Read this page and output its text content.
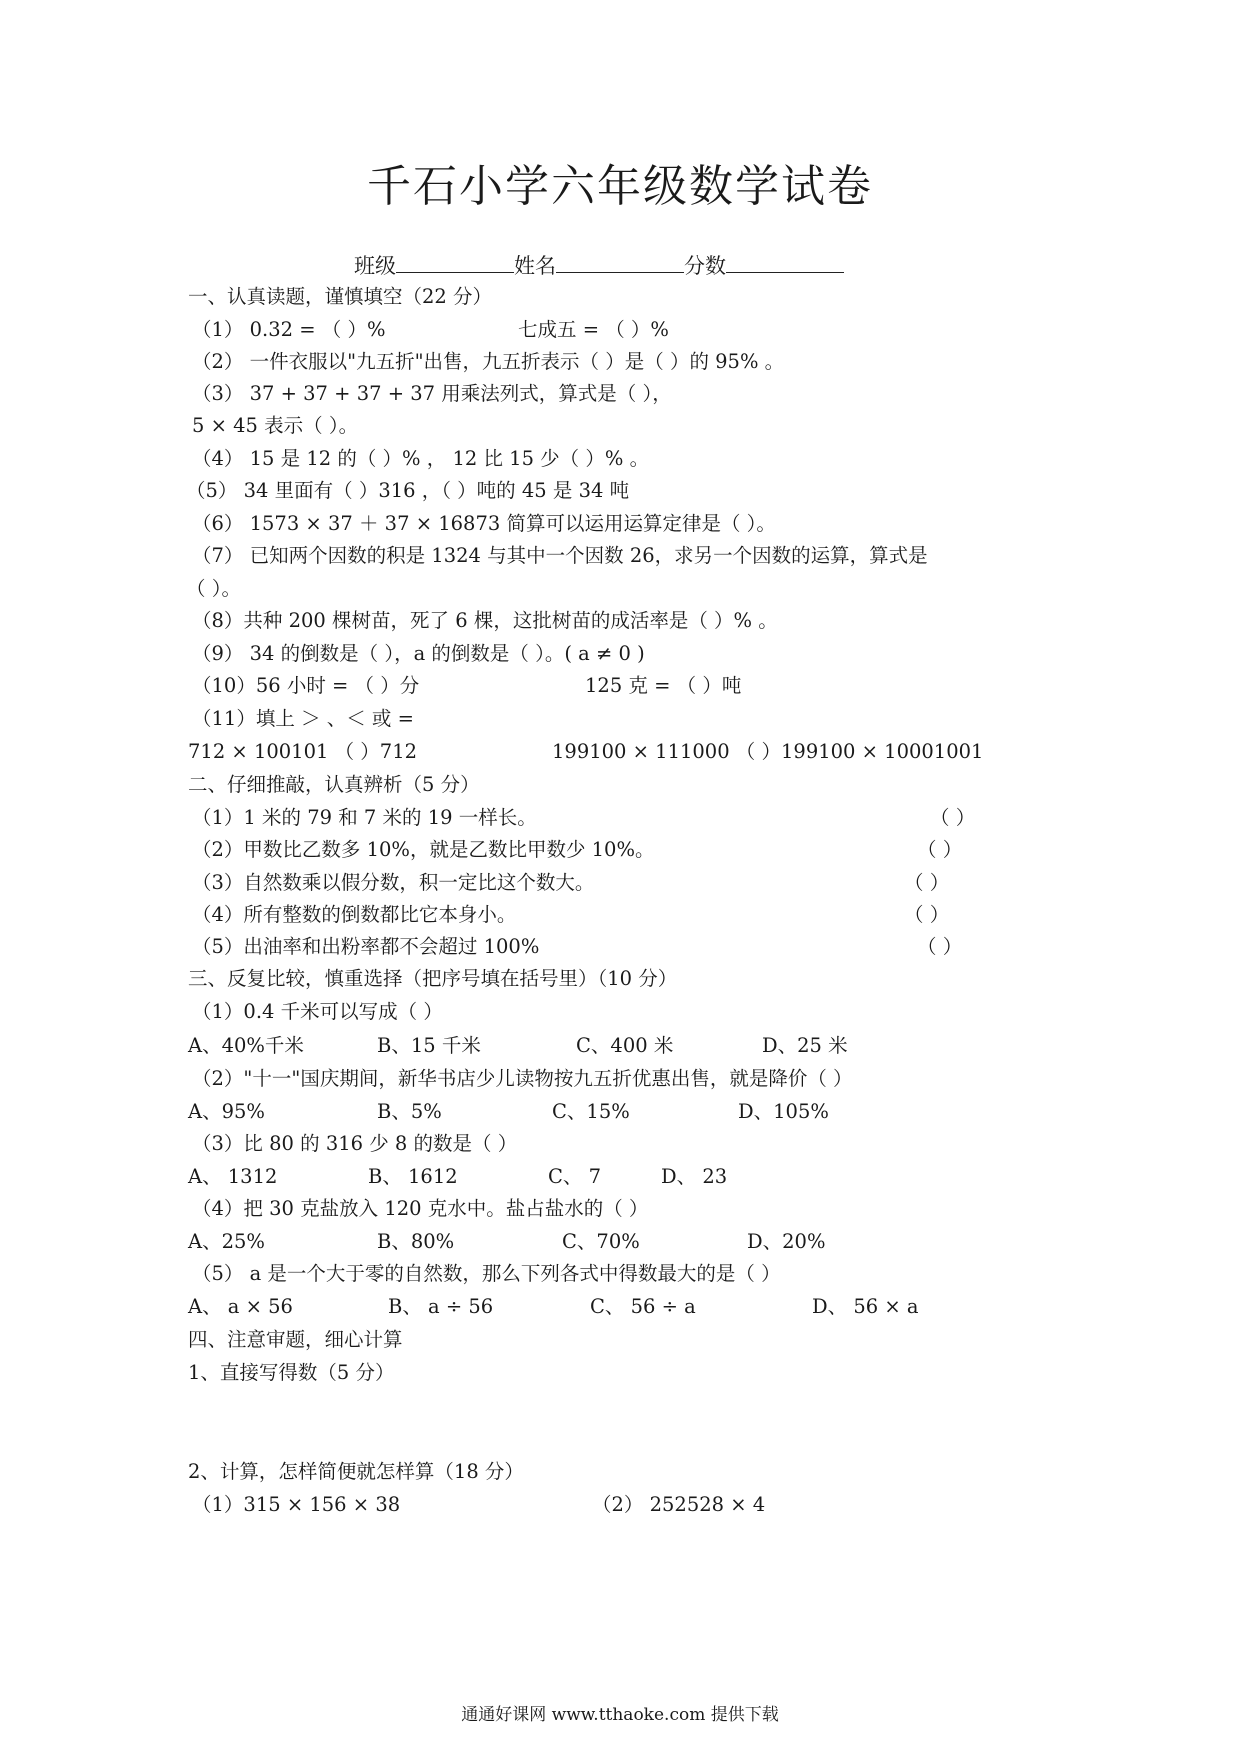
千石小学六年级数学试卷
班级	姓名	分数
一、认真读题，谨慎填空（22 分）
（1） 0.32 = （ ）%	七成五 = （ ）%
（2） 一件衣服以"九五折"出售，九五折表示（ ）是（ ）的 95% 。
（3） 37 + 37 + 37 + 37 用乘法列式，算式是（ ），
5 × 45 表示（ ）。
（4） 15 是 12 的（ ）% ， 12 比 15 少（ ）% 。
（5） 34 里面有（ ）316 ，（ ）吨的 45 是 34 吨
（6） 1573 × 37 ＋ 37 × 16873 简算可以运用运算定律是（ ）。
（7） 已知两个因数的积是 1324 与其中一个因数 26，求另一个因数的运算，算式是
（ ）。
（8）共种 200 棵树苗，死了 6 棵，这批树苗的成活率是（ ）% 。
（9） 34 的倒数是（ ），a 的倒数是（ ）。( a ≠ 0 )
（10）56 小时 = （ ）分	125 克 = （ ）吨
（11）填上 ＞ 、＜ 或 =
712 × 100101 （ ）712	199100 × 111000 （ ）199100 × 10001001
二、仔细推敲，认真辨析（5 分）
（1）1 米的 79 和 7 米的 19 一样长。	（ ）
（2）甲数比乙数多 10%，就是乙数比甲数少 10%。	（ ）
（3）自然数乘以假分数，积一定比这个数大。	（ ）
（4）所有整数的倒数都比它本身小。	（ ）
（5）出油率和出粉率都不会超过 100%	（ ）
三、反复比较，慎重选择（把序号填在括号里）（10 分）
（1）0.4 千米可以写成（ ）
A、40%千米	B、15 千米	C、400 米	D、25 米
（2）"十一"国庆期间，新华书店少儿读物按九五折优惠出售，就是降价（ ）
A、95%	B、5%	C、15%	D、105%
（3）比 80 的 316 少 8 的数是（ ）
A、 1312	B、 1612	C、 7	D、 23
（4）把 30 克盐放入 120 克水中。盐占盐水的（ ）
A、25%	B、80%	C、70%	D、20%
（5） a 是一个大于零的自然数，那么下列各式中得数最大的是（ ）
A、 a × 56	B、 a ÷ 56	C、 56 ÷ a	D、 56 × a
四、注意审题，细心计算
1、直接写得数（5 分）
2、计算，怎样简便就怎样算（18 分）
（1）315 × 156 × 38	（2） 252528 × 4
通通好课网 www.tthaoke.com 提供下载
